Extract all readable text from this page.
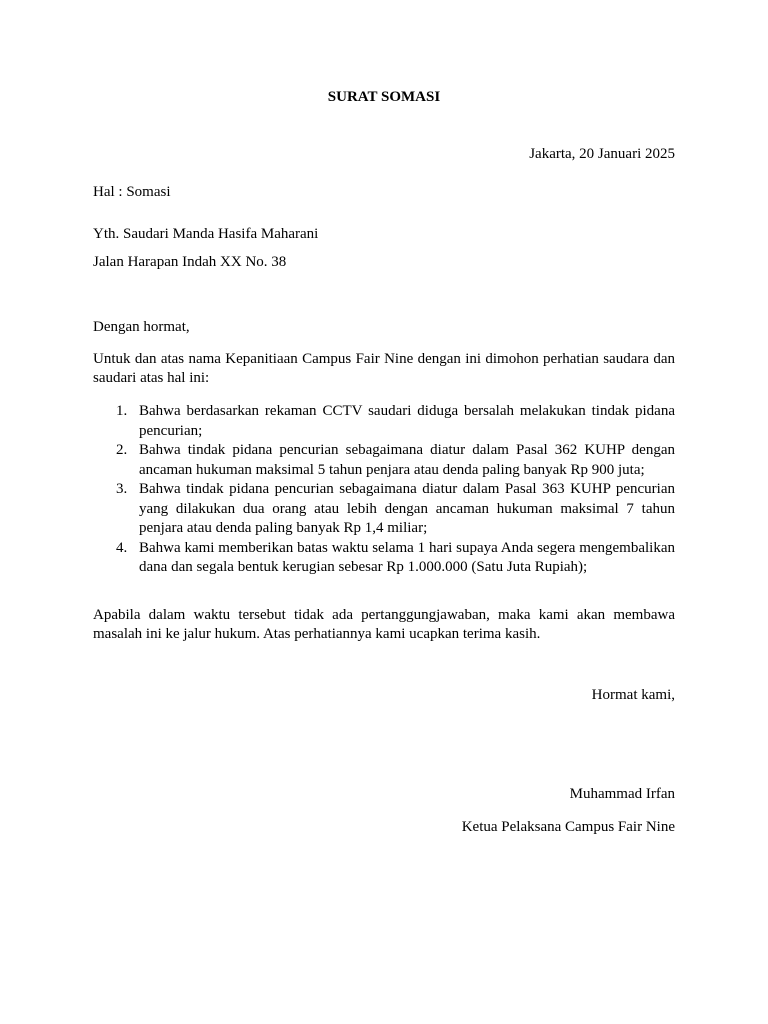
SURAT SOMASI
Jakarta, 20 Januari 2025
Hal : Somasi
Yth. Saudari Manda Hasifa Maharani
Jalan Harapan Indah XX No. 38
Dengan hormat,
Untuk dan atas nama Kepanitiaan Campus Fair Nine dengan ini dimohon perhatian saudara dan saudari atas hal ini:
1. Bahwa berdasarkan rekaman CCTV saudari diduga bersalah melakukan tindak pidana pencurian;
2. Bahwa tindak pidana pencurian sebagaimana diatur dalam Pasal 362 KUHP dengan ancaman hukuman maksimal 5 tahun penjara atau denda paling banyak Rp 900 juta;
3. Bahwa tindak pidana pencurian sebagaimana diatur dalam Pasal 363 KUHP pencurian yang dilakukan dua orang atau lebih dengan ancaman hukuman maksimal 7 tahun penjara atau denda paling banyak Rp 1,4 miliar;
4. Bahwa kami memberikan batas waktu selama 1 hari supaya Anda segera mengembalikan dana dan segala bentuk kerugian sebesar Rp 1.000.000 (Satu Juta Rupiah);
Apabila dalam waktu tersebut tidak ada pertanggungjawaban, maka kami akan membawa masalah ini ke jalur hukum. Atas perhatiannya kami ucapkan terima kasih.
Hormat kami,
Muhammad Irfan
Ketua Pelaksana Campus Fair Nine
